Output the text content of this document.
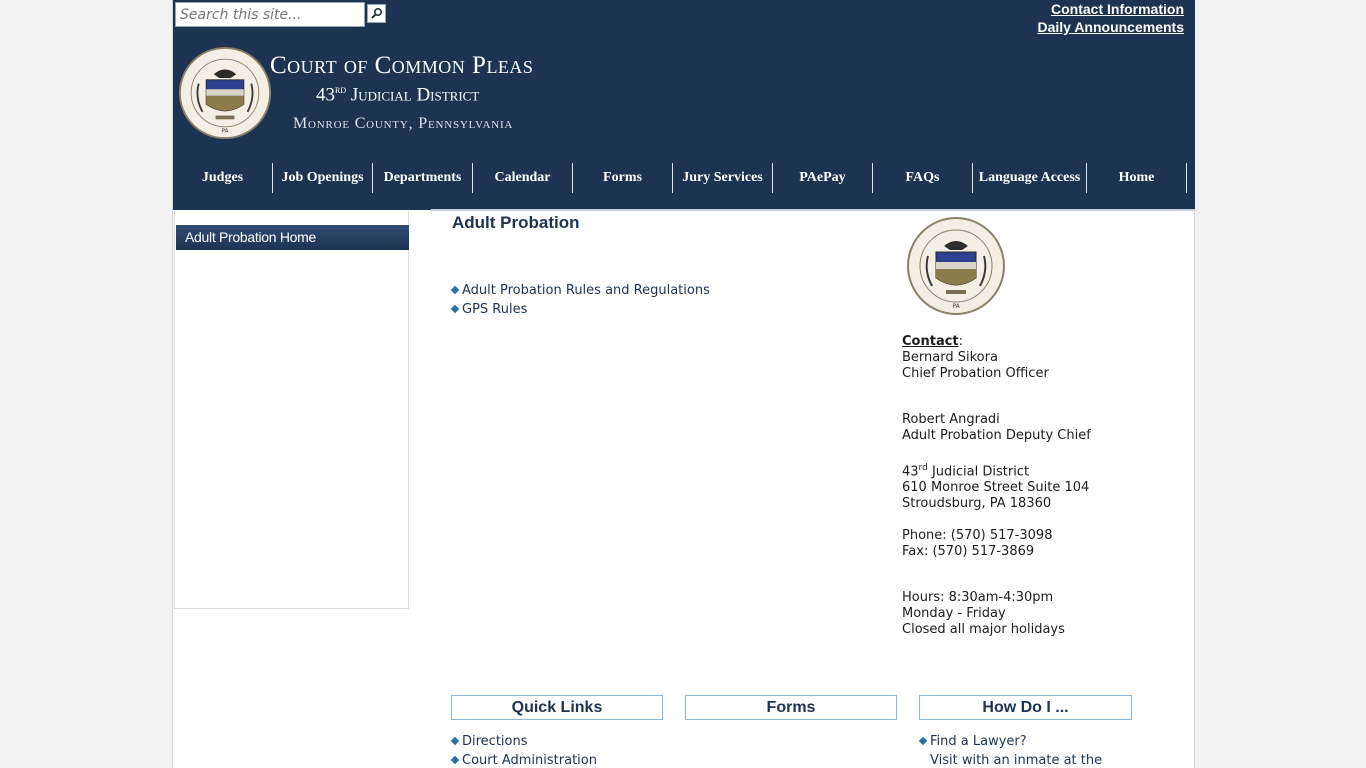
Search this site...
Contact Information
Daily Announcements
PA
Court of Common Pleas
43rd Judicial District
Monroe County, Pennsylvania
Judges	Job Openings	Departments	Calendar	Forms	Jury Services	PAePay	FAQs	Language Access	Home
Adult Probation Home
Adult Probation
Adult Probation Rules and Regulations
GPS Rules	PA
Contact:
Bernard Sikora
Chief Probation Officer
Robert Angradi
Adult Probation Deputy Chief
43rd Judicial District
610 Monroe Street Suite 104
Stroudsburg, PA 18360
Phone: (570) 517-3098
Fax: (570) 517-3869
Hours: 8:30am-4:30pm
Monday - Friday
Closed all major holidays
Quick Links	Forms	How Do I ...
Directions
Court Administration
Find a Lawyer?
Visit with an inmate at the
